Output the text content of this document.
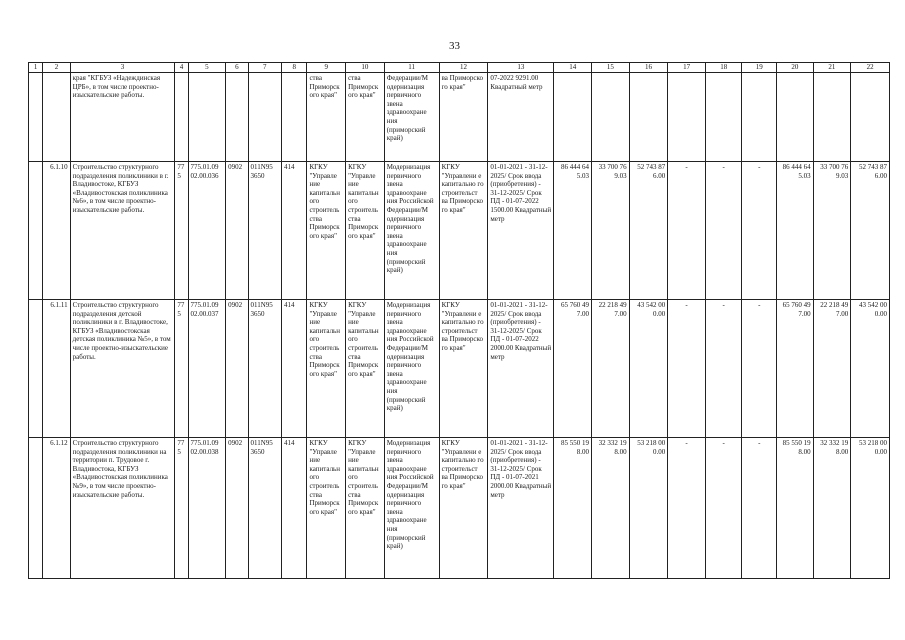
33
1	2	3	4	5	6	7	8	9	10	11	12	13	14	15	16	17	18	19	20	21	22
		края "КГБУЗ «Надеждинская ЦРБ», в том числе проектно-изыскательские работы.						ства Приморск ого края"	ства Приморск ого края"	Федерации/М одернизация первичного звена здравоохране ния (приморский край)	ва Приморско го края"	07-2022 9291.00 Квадратный метр									
	6.1.10	Строительство структурного подразделения поликлиники в г. Владивостоке, КГБУЗ «Владивостокская поликлиника №6», в том числе проектно-изыскательские работы.	775	775.01.09 02.00.036	0902	011N95 3650	414	КГКУ "Управле ние капитальн ого строитель ства Приморск ого края"	КГКУ "Управле ние капитальн ого строитель ства Приморск ого края"	Модернизация первичного звена здравоохране ния Российской Федерации/М одернизация первичного звена здравоохране ния (приморский край)	КГКУ "Управлени е капитально го строительст ва Приморско го края"	01-01-2021 - 31-12-2025/ Срок ввода (приобретения) - 31-12-2025/ Срок ПД - 01-07-2022 1500.00 Квадратный метр	86 444 64 5.03	33 700 76 9.03	52 743 87 6.00	-	-	-	86 444 64 5.03	33 700 76 9.03	52 743 87 6.00
	6.1.11	Строительство структурного подразделения детской поликлиники в г. Владивостоке, КГБУЗ «Владивостокская детская поликлиника №5», в том числе проектно-изыскательские работы.	775	775.01.09 02.00.037	0902	011N95 3650	414	КГКУ "Управле ние капитальн ого строитель ства Приморск ого края"	КГКУ "Управле ние капитальн ого строитель ства Приморск ого края"	Модернизация первичного звена здравоохране ния Российской Федерации/М одернизация первичного звена здравоохране ния (приморский край)	КГКУ "Управлени е капитально го строительст ва Приморско го края"	01-01-2021 - 31-12-2025/ Срок ввода (приобретения) - 31-12-2025/ Срок ПД - 01-07-2022 2000.00 Квадратный метр	65 760 49 7.00	22 218 49 7.00	43 542 00 0.00	-	-	-	65 760 49 7.00	22 218 49 7.00	43 542 00 0.00
	6.1.12	Строительство структурного подразделения поликлиники на территории п. Трудовое г. Владивостока, КГБУЗ «Владивостокская поликлиника №9», в том числе проектно-изыскательские работы.	775	775.01.09 02.00.038	0902	011N95 3650	414	КГКУ "Управле ние капитальн ого строитель ства Приморск ого края"	КГКУ "Управле ние капитальн ого строитель ства Приморск ого края"	Модернизация первичного звена здравоохране ния Российской Федерации/М одернизация первичного звена здравоохране ния (приморский край)	КГКУ "Управлени е капитально го строительст ва Приморско го края"	01-01-2021 - 31-12-2025/ Срок ввода (приобретения) - 31-12-2025/ Срок ПД - 01-07-2021 2000.00 Квадратный метр	85 550 19 8.00	32 332 19 8.00	53 218 00 0.00	-	-	-	85 550 19 8.00	32 332 19 8.00	53 218 00 0.00
